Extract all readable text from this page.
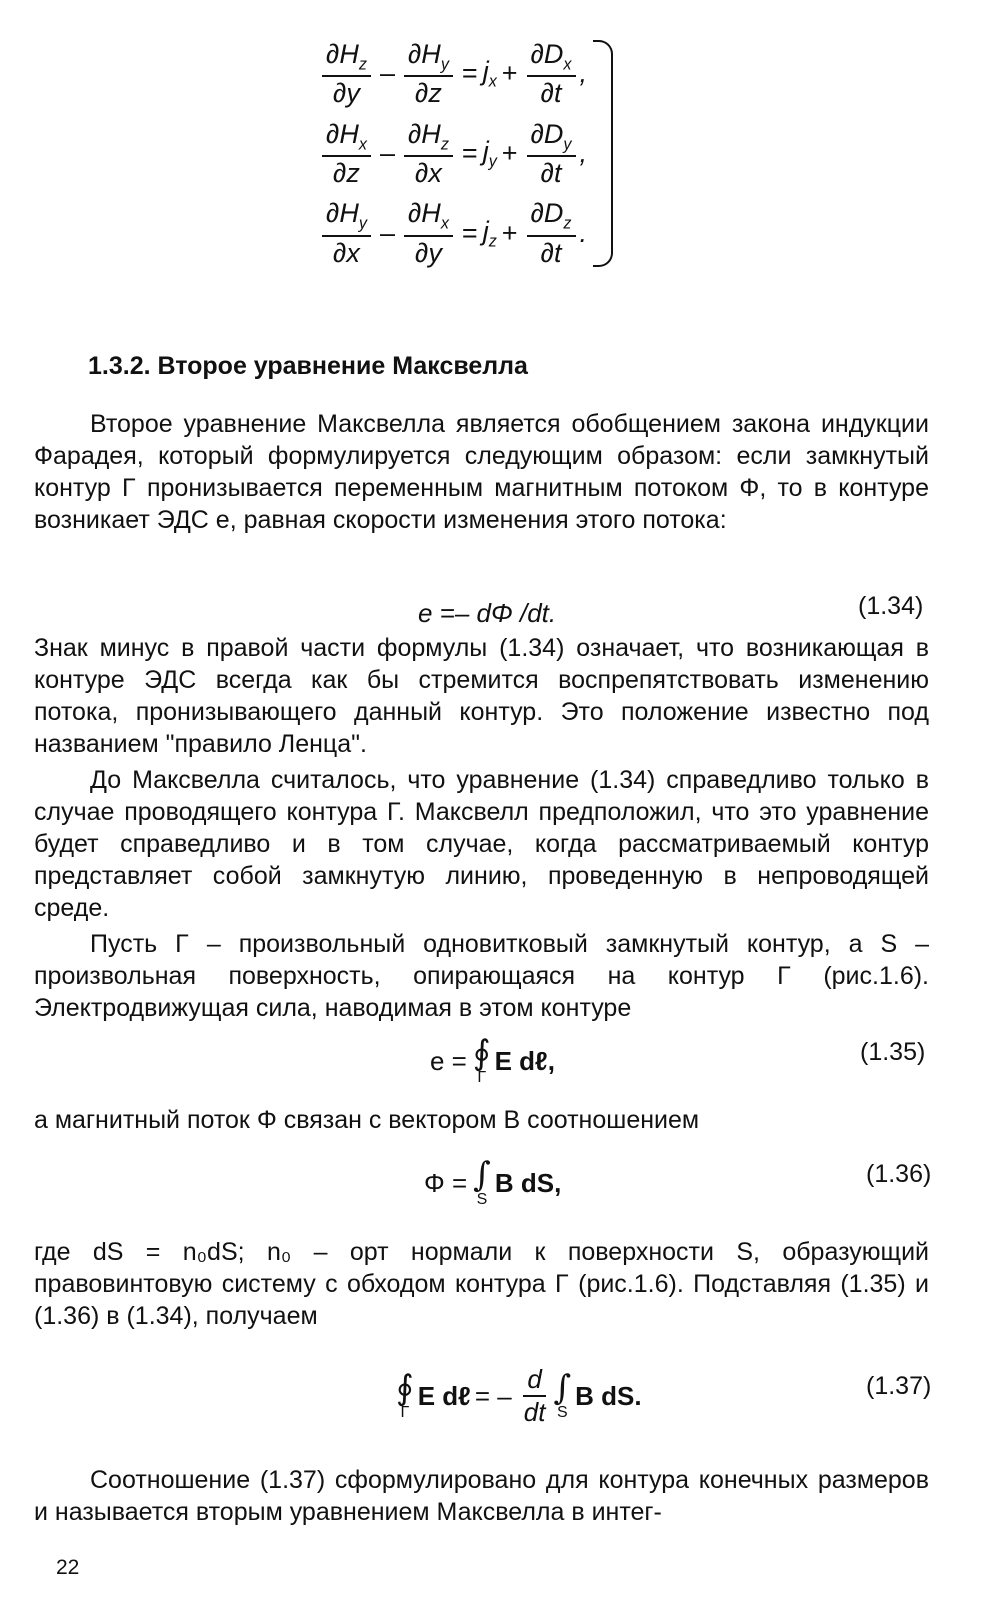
$\frac{\partial H_z}{\partial y} - \frac{\partial H_y}{\partial z} = j_x + \frac{\partial D_x}{\partial t}$ ,
$\frac{\partial H_x}{\partial z} - \frac{\partial H_z}{\partial x} = j_y + \frac{\partial D_y}{\partial t}$ ,
$\frac{\partial H_y}{\partial x} - \frac{\partial H_x}{\partial y} = j_z + \frac{\partial D_z}{\partial t}$ .
1.3.2. Второе уравнение Максвелла

Второе уравнение Максвелла является обобщением закона индукции Фарадея, который формулируется следующим образом: если замкнутый контур Γ пронизывается переменным магнитным потоком Φ, то в контуре возникает ЭДС e, равная скорости изменения этого потока:

e =– dΦ /dt.	(1.34)

Знак минус в правой части формулы (1.34) означает, что возникающая в контуре ЭДС всегда как бы стремится воспрепятствовать изменению потока, пронизывающего данный контур. Это положение известно под названием "правило Ленца".

До Максвелла считалось, что уравнение (1.34) справедливо только в случае проводящего контура Γ. Максвелл предположил, что это уравнение будет справедливо и в том случае, когда рассматриваемый контур представляет собой замкнутую линию, проведенную в непроводящей среде.

Пусть Γ – произвольный одновитковый замкнутый контур, а S – произвольная поверхность, опирающаяся на контур Γ (рис.1.6). Электродвижущая сила, наводимая в этом контуре

e = ∮
Γ
E dℓ,	(1.35)

а магнитный поток Φ связан с вектором B соотношением

Φ = ∫
S
B dS,	(1.36)

где dS = n₀dS; n₀ – орт нормали к поверхности S, образующий правовинтовую систему с обходом контура Γ (рис.1.6). Подставляя (1.35) и (1.36) в (1.34), получаем

∮
Γ
E dℓ = – $\frac{d}{dt}$ ∫
S
B dS.	(1.37)

Соотношение (1.37) сформулировано для контура конечных размеров и называется вторым уравнением Максвелла в интег-

22
